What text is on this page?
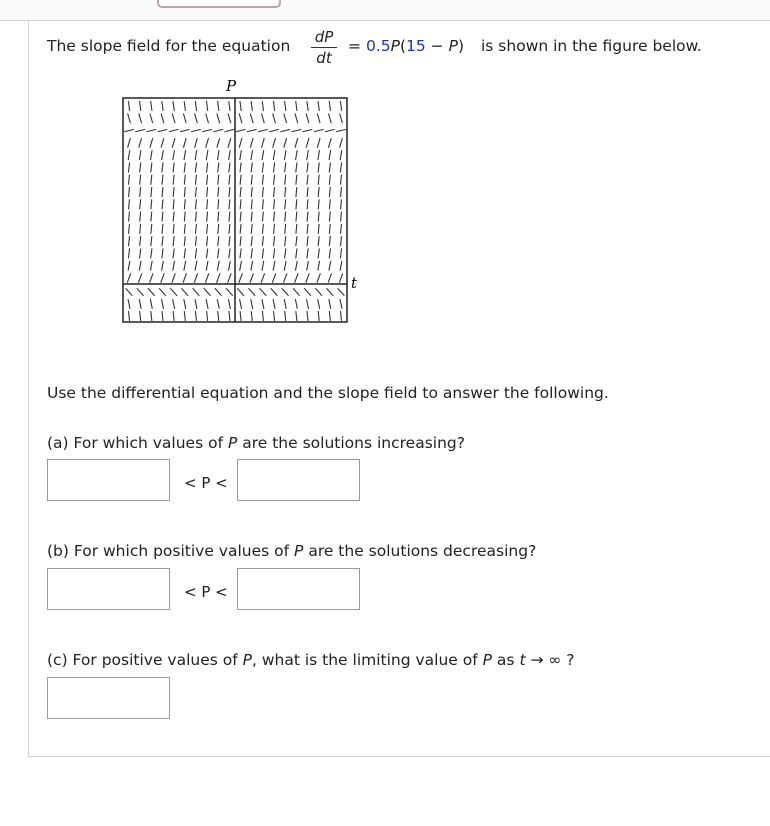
The slope field for the equation	dP
dt
= 0.5P(15 − P) is shown in the figure below.
P
t
Use the differential equation and the slope field to answer the following.
(a) For which values of P are the solutions increasing?
< P <
(b) For which positive values of P are the solutions decreasing?
< P <
(c) For positive values of P, what is the limiting value of P as t → ∞ ?
